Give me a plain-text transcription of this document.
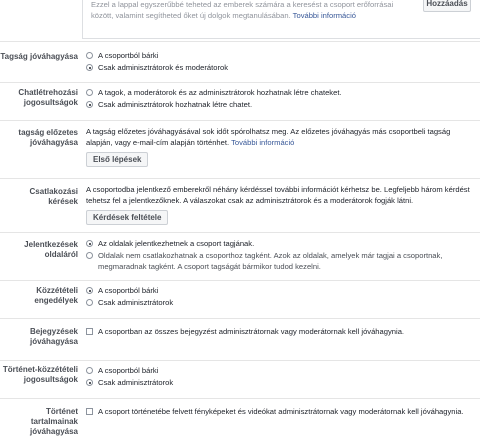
Ezzel a lappal egyszerűbbé teheted az emberek számára a keresést a csoport erőforrásai között, valamint segítheted őket új dolgok megtanulásában. További információ
Hozzáadás
Tagság jóváhagyása	A csoportból bárki
Csak adminisztrátorok és moderátorok
Chatlétrehozási jogosultságok
A tagok, a moderátorok és az adminisztrátorok hozhatnak létre chateket.
Csak adminisztrátorok hozhatnak létre chatet.
tagság előzetes jóváhagyása
A tagság előzetes jóváhagyásával sok időt spórolhatsz meg. Az előzetes jóváhagyás más csoportbeli tagság alapján, vagy e-mail-cím alapján történhet. További információ
Első lépések
Csatlakozási kérések
A csoportodba jelentkező emberekről néhány kérdéssel további információt kérhetsz be. Legfeljebb három kérdést tehetsz fel a jelentkezőknek. A válaszokat csak az adminisztrátorok és a moderátorok fogják látni.
Kérdések feltétele
Jelentkezések oldaláról
Az oldalak jelentkezhetnek a csoport tagjának.
Oldalak nem csatlakozhatnak a csoporthoz tagként. Azok az oldalak, amelyek már tagjai a csoportnak, megmaradnak tagként. A csoport tagságát bármikor tudod kezelni.
Közzétételi engedélyek
A csoportból bárki
Csak adminisztrátorok
Bejegyzések jóváhagyása
A csoportban az összes bejegyzést adminisztrátornak vagy moderátornak kell jóváhagynia.
Történet-közzétételi jogosultságok
A csoportból bárki
Csak adminisztrátorok
Történet tartalmainak jóváhagyása
A csoport történetébe felvett fényképeket és videókat adminisztrátornak vagy moderátornak kell jóváhagynia.
